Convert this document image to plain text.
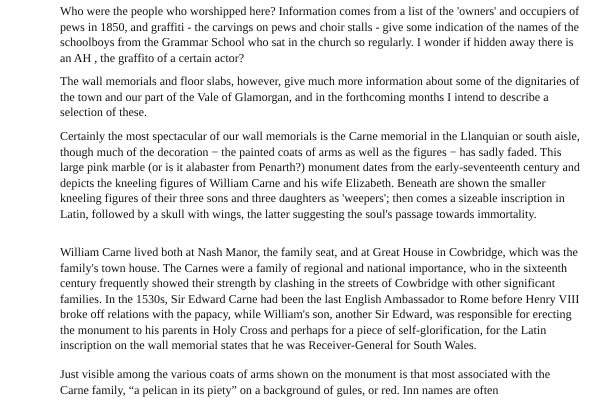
Who were the people who worshipped here? Information comes from a list of the 'owners' and occupiers of pews in 1850, and graffiti - the carvings on pews and choir stalls - give some indication of the names of the schoolboys from the Grammar School who sat in the church so regularly. I wonder if hidden away there is an AH , the graffito of a certain actor?

The wall memorials and floor slabs, however, give much more information about some of the dignitaries of the town and our part of the Vale of Glamorgan, and in the forthcoming months I intend to describe a selection of these.

Certainly the most spectacular of our wall memorials is the Carne memorial in the Llanquian or south aisle, though much of the decoration − the painted coats of arms as well as the figures − has sadly faded. This large pink marble (or is it alabaster from Penarth?) monument dates from the early-seventeenth century and depicts the kneeling figures of William Carne and his wife Elizabeth. Beneath are shown the smaller kneeling figures of their three sons and three daughters as 'weepers'; then comes a sizeable inscription in Latin, followed by a skull with wings, the latter suggesting the soul's passage towards immortality.

William Carne lived both at Nash Manor, the family seat, and at Great House in Cowbridge, which was the family's town house. The Carnes were a family of regional and national importance, who in the sixteenth century frequently showed their strength by clashing in the streets of Cowbridge with other significant families. In the 1530s, Sir Edward Carne had been the last English Ambassador to Rome before Henry VIII broke off relations with the papacy, while William's son, another Sir Edward, was responsible for erecting the monument to his parents in Holy Cross and perhaps for a piece of self-glorification, for the Latin inscription on the wall memorial states that he was Receiver-General for South Wales.

Just visible among the various coats of arms shown on the monument is that most associated with the Carne family, “a pelican in its piety” on a background of gules, or red. Inn names are often
